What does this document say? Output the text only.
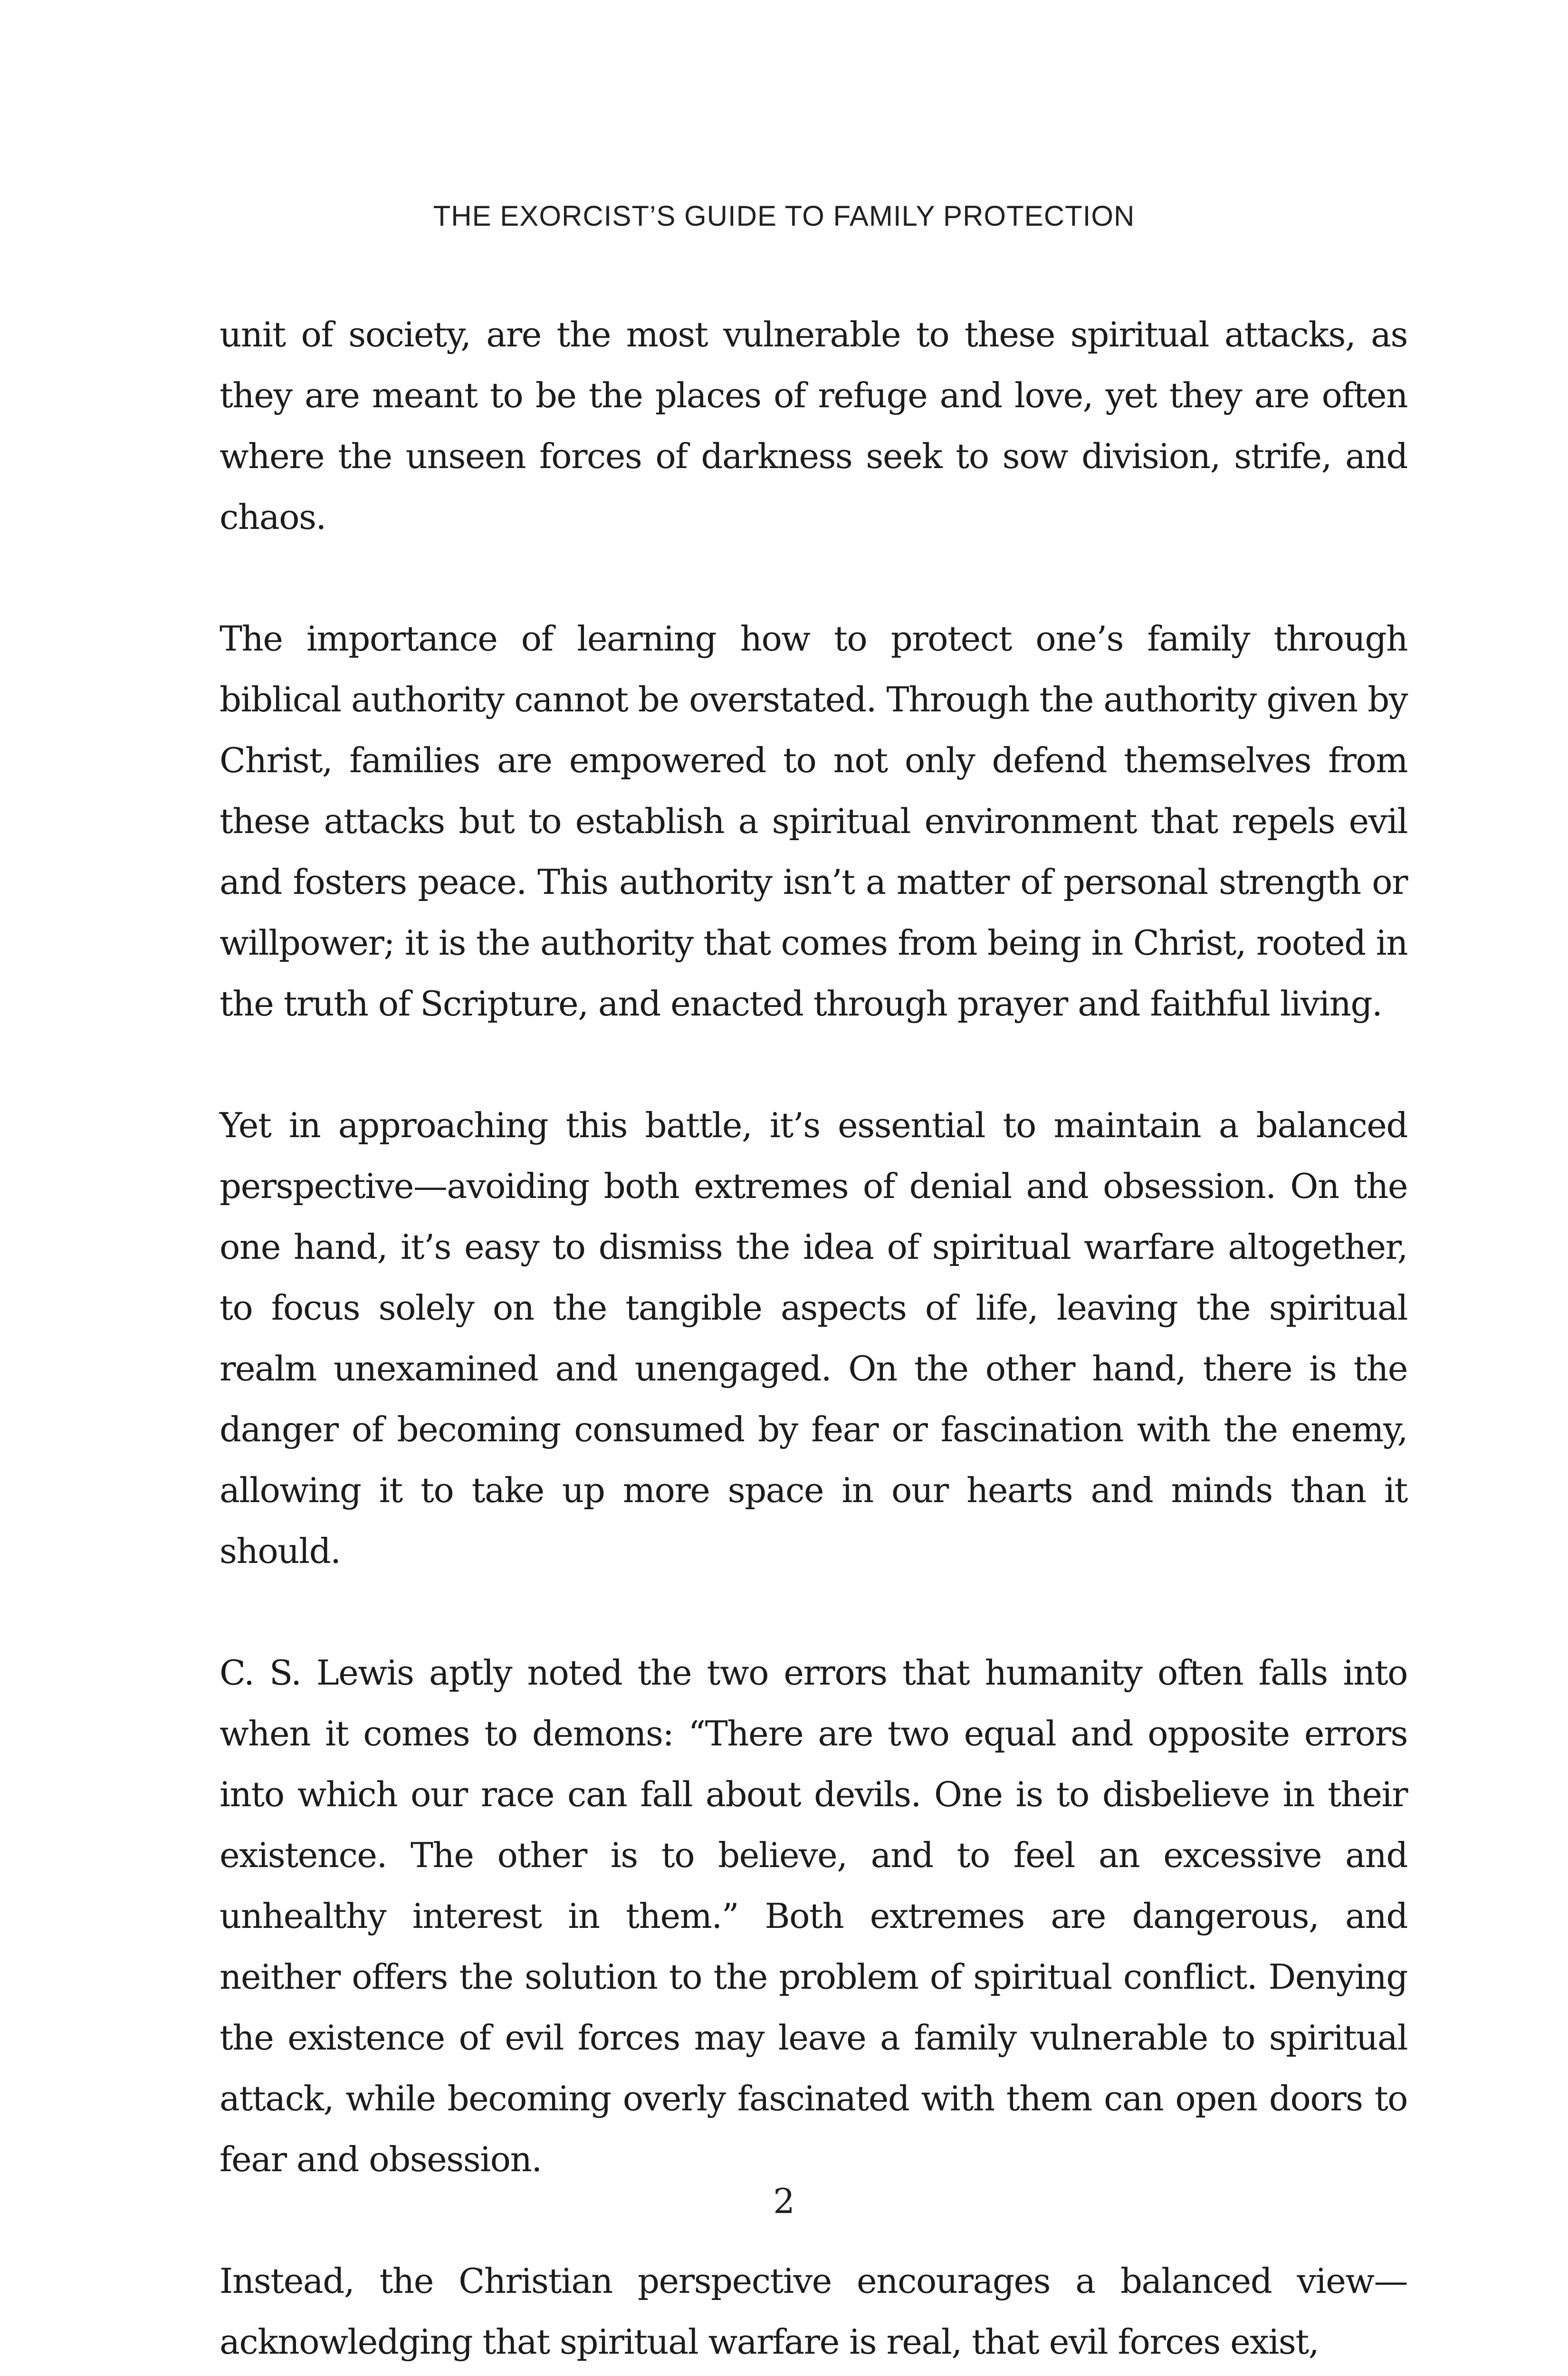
THE EXORCIST’S GUIDE TO FAMILY PROTECTION

unit of society, are the most vulnerable to these spiritual attacks, as they are meant to be the places of refuge and love, yet they are often where the unseen forces of darkness seek to sow division, strife, and chaos.

The importance of learning how to protect one’s family through biblical authority cannot be overstated. Through the authority given by Christ, families are empowered to not only defend themselves from these attacks but to establish a spiritual environment that repels evil and fosters peace. This authority isn’t a matter of personal strength or willpower; it is the authority that comes from being in Christ, rooted in the truth of Scripture, and enacted through prayer and faithful living.

Yet in approaching this battle, it’s essential to maintain a balanced perspective—avoiding both extremes of denial and obsession. On the one hand, it’s easy to dismiss the idea of spiritual warfare altogether, to focus solely on the tangible aspects of life, leaving the spiritual realm unexamined and unengaged. On the other hand, there is the danger of becoming consumed by fear or fascination with the enemy, allowing it to take up more space in our hearts and minds than it should.

C. S. Lewis aptly noted the two errors that humanity often falls into when it comes to demons: “There are two equal and opposite errors into which our race can fall about devils. One is to disbelieve in their existence. The other is to believe, and to feel an excessive and unhealthy interest in them.” Both extremes are dangerous, and neither offers the solution to the problem of spiritual conflict. Denying the existence of evil forces may leave a family vulnerable to spiritual attack, while becoming overly fascinated with them can open doors to fear and obsession.

Instead, the Christian perspective encourages a balanced view—acknowledging that spiritual warfare is real, that evil forces exist,

2
